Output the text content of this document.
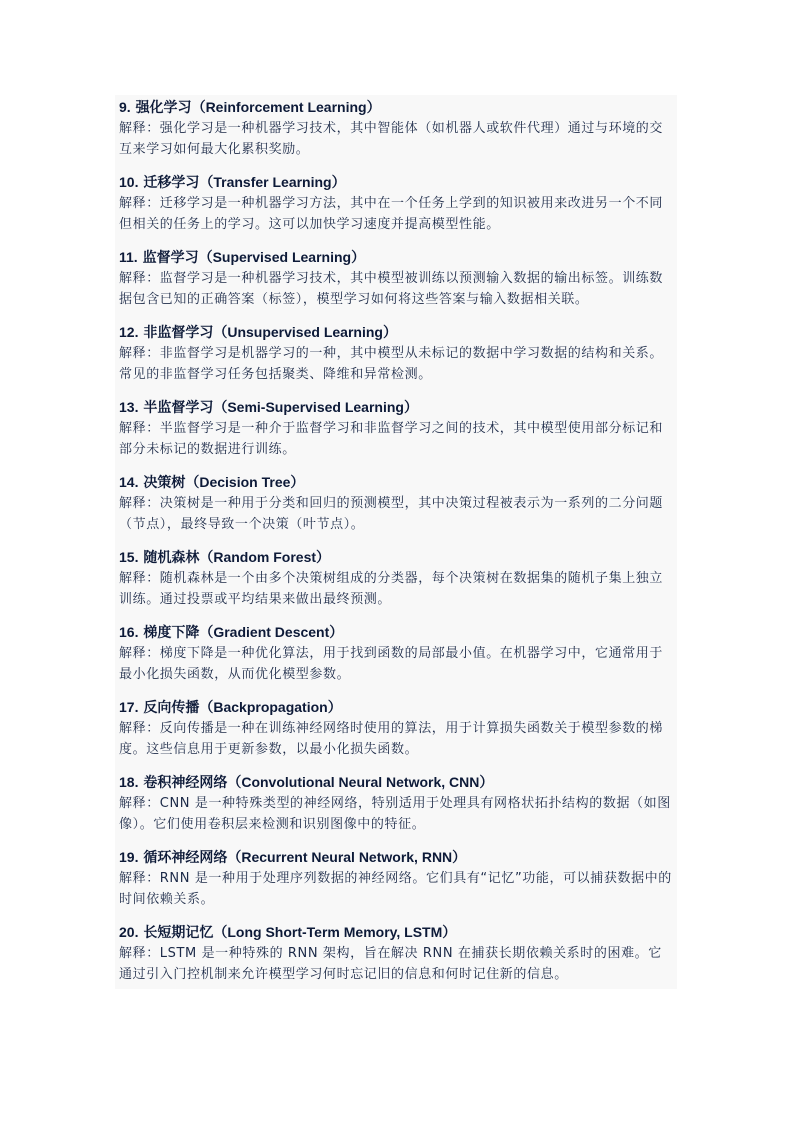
9. 强化学习（Reinforcement Learning）
解释：强化学习是一种机器学习技术，其中智能体（如机器人或软件代理）通过与环境的交互来学习如何最大化累积奖励。
10. 迁移学习（Transfer Learning）
解释：迁移学习是一种机器学习方法，其中在一个任务上学到的知识被用来改进另一个不同但相关的任务上的学习。这可以加快学习速度并提高模型性能。
11. 监督学习（Supervised Learning）
解释：监督学习是一种机器学习技术，其中模型被训练以预测输入数据的输出标签。训练数据包含已知的正确答案（标签），模型学习如何将这些答案与输入数据相关联。
12. 非监督学习（Unsupervised Learning）
解释：非监督学习是机器学习的一种，其中模型从未标记的数据中学习数据的结构和关系。常见的非监督学习任务包括聚类、降维和异常检测。
13. 半监督学习（Semi-Supervised Learning）
解释：半监督学习是一种介于监督学习和非监督学习之间的技术，其中模型使用部分标记和部分未标记的数据进行训练。
14. 决策树（Decision Tree）
解释：决策树是一种用于分类和回归的预测模型，其中决策过程被表示为一系列的二分问题（节点），最终导致一个决策（叶节点）。
15. 随机森林（Random Forest）
解释：随机森林是一个由多个决策树组成的分类器，每个决策树在数据集的随机子集上独立训练。通过投票或平均结果来做出最终预测。
16. 梯度下降（Gradient Descent）
解释：梯度下降是一种优化算法，用于找到函数的局部最小值。在机器学习中，它通常用于最小化损失函数，从而优化模型参数。
17. 反向传播（Backpropagation）
解释：反向传播是一种在训练神经网络时使用的算法，用于计算损失函数关于模型参数的梯度。这些信息用于更新参数，以最小化损失函数。
18. 卷积神经网络（Convolutional Neural Network, CNN）
解释：CNN 是一种特殊类型的神经网络，特别适用于处理具有网格状拓扑结构的数据（如图像）。它们使用卷积层来检测和识别图像中的特征。
19. 循环神经网络（Recurrent Neural Network, RNN）
解释：RNN 是一种用于处理序列数据的神经网络。它们具有“记忆”功能，可以捕获数据中的时间依赖关系。
20. 长短期记忆（Long Short-Term Memory, LSTM）
解释：LSTM 是一种特殊的 RNN 架构，旨在解决 RNN 在捕获长期依赖关系时的困难。它通过引入门控机制来允许模型学习何时忘记旧的信息和何时记住新的信息。
